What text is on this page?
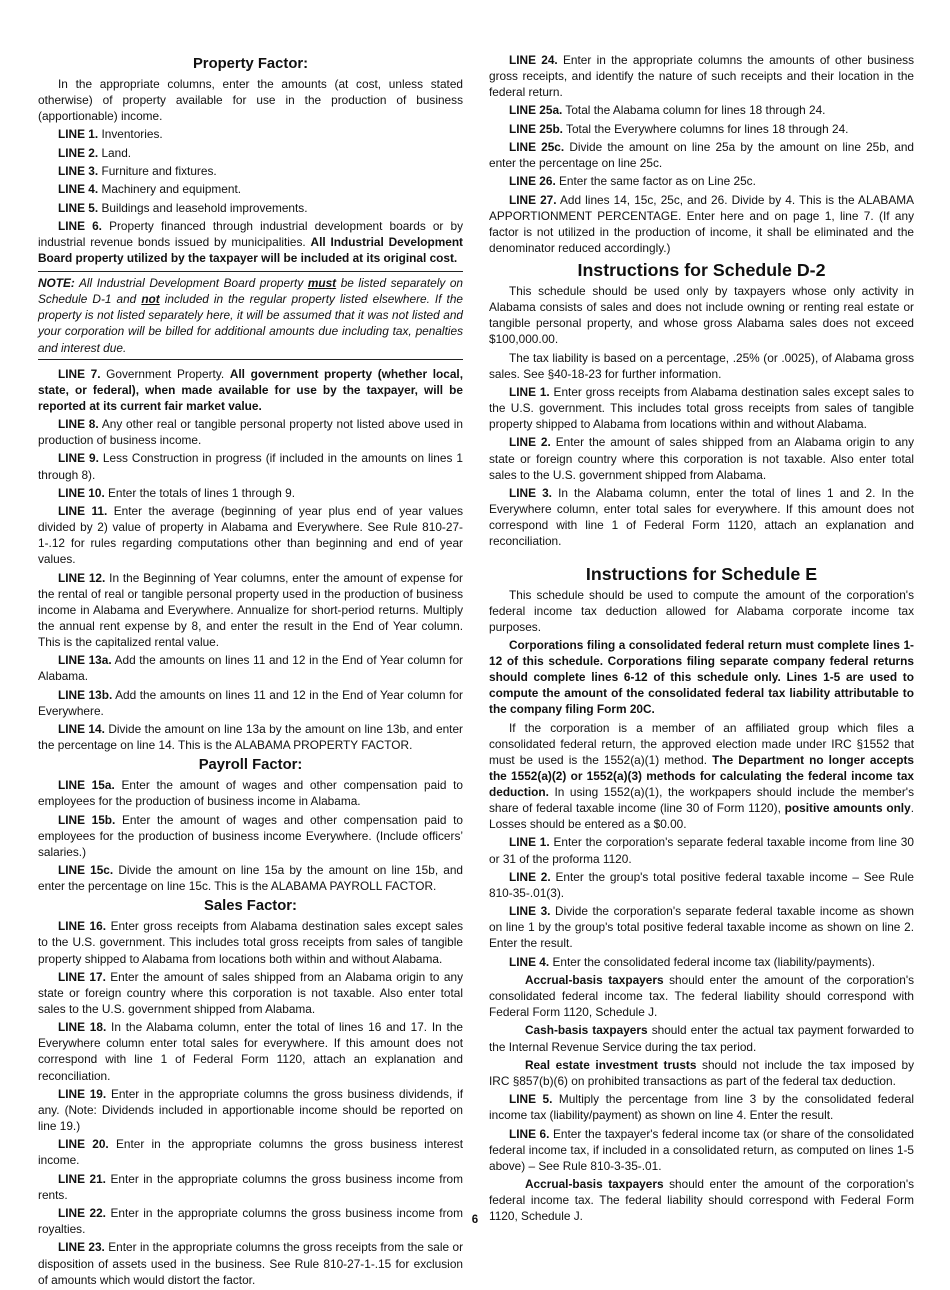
Property Factor:

In the appropriate columns, enter the amounts (at cost, unless stated otherwise) of property available for use in the production of business (apportionable) income.

LINE 1. Inventories.

LINE 2. Land.

LINE 3. Furniture and fixtures.

LINE 4. Machinery and equipment.

LINE 5. Buildings and leasehold improvements.

LINE 6. Property financed through industrial development boards or by industrial revenue bonds issued by municipalities. All Industrial Development Board property utilized by the taxpayer will be included at its original cost.

NOTE: All Industrial Development Board property must be listed separately on Schedule D-1 and not included in the regular property listed elsewhere. If the property is not listed separately here, it will be assumed that it was not listed and your corporation will be billed for additional amounts due including tax, penalties and interest due.

LINE 7. Government Property. All government property (whether local, state, or federal), when made available for use by the taxpayer, will be reported at its current fair market value.

LINE 8. Any other real or tangible personal property not listed above used in production of business income.

LINE 9. Less Construction in progress (if included in the amounts on lines 1 through 8).

LINE 10. Enter the totals of lines 1 through 9.

LINE 11. Enter the average (beginning of year plus end of year values divided by 2) value of property in Alabama and Everywhere. See Rule 810-27-1-.12 for rules regarding computations other than beginning and end of year values.

LINE 12. In the Beginning of Year columns, enter the amount of expense for the rental of real or tangible personal property used in the production of business income in Alabama and Everywhere. Annualize for short-period returns. Multiply the annual rent expense by 8, and enter the result in the End of Year column. This is the capitalized rental value.

LINE 13a. Add the amounts on lines 11 and 12 in the End of Year column for Alabama.

LINE 13b. Add the amounts on lines 11 and 12 in the End of Year column for Everywhere.

LINE 14. Divide the amount on line 13a by the amount on line 13b, and enter the percentage on line 14. This is the ALABAMA PROPERTY FACTOR.

Payroll Factor:

LINE 15a. Enter the amount of wages and other compensation paid to employees for the production of business income in Alabama.

LINE 15b. Enter the amount of wages and other compensation paid to employees for the production of business income Everywhere. (Include officers’ salaries.)

LINE 15c. Divide the amount on line 15a by the amount on line 15b, and enter the percentage on line 15c. This is the ALABAMA PAYROLL FACTOR.

Sales Factor:

LINE 16. Enter gross receipts from Alabama destination sales except sales to the U.S. government. This includes total gross receipts from sales of tangible property shipped to Alabama from locations both within and without Alabama.

LINE 17. Enter the amount of sales shipped from an Alabama origin to any state or foreign country where this corporation is not taxable. Also enter total sales to the U.S. government shipped from Alabama.

LINE 18. In the Alabama column, enter the total of lines 16 and 17. In the Everywhere column enter total sales for everywhere. If this amount does not correspond with line 1 of Federal Form 1120, attach an explanation and reconciliation.

LINE 19. Enter in the appropriate columns the gross business dividends, if any. (Note: Dividends included in apportionable income should be reported on line 19.)

LINE 20. Enter in the appropriate columns the gross business interest income.

LINE 21. Enter in the appropriate columns the gross business income from rents.

LINE 22. Enter in the appropriate columns the gross business income from royalties.

LINE 23. Enter in the appropriate columns the gross receipts from the sale or disposition of assets used in the business. See Rule 810-27-1-.15 for exclusion of amounts which would distort the factor.

LINE 24. Enter in the appropriate columns the amounts of other business gross receipts, and identify the nature of such receipts and their location in the federal return.

LINE 25a. Total the Alabama column for lines 18 through 24.

LINE 25b. Total the Everywhere columns for lines 18 through 24.

LINE 25c. Divide the amount on line 25a by the amount on line 25b, and enter the percentage on line 25c.

LINE 26. Enter the same factor as on Line 25c.

LINE 27. Add lines 14, 15c, 25c, and 26. Divide by 4. This is the ALABAMA APPORTIONMENT PERCENTAGE. Enter here and on page 1, line 7. (If any factor is not utilized in the production of income, it shall be eliminated and the denominator reduced accordingly.)

Instructions for Schedule D-2

This schedule should be used only by taxpayers whose only activity in Alabama consists of sales and does not include owning or renting real estate or tangible personal property, and whose gross Alabama sales does not exceed $100,000.00.

The tax liability is based on a percentage, .25% (or .0025), of Alabama gross sales. See §40-18-23 for further information.

LINE 1. Enter gross receipts from Alabama destination sales except sales to the U.S. government. This includes total gross receipts from sales of tangible property shipped to Alabama from locations within and without Alabama.

LINE 2. Enter the amount of sales shipped from an Alabama origin to any state or foreign country where this corporation is not taxable. Also enter total sales to the U.S. government shipped from Alabama.

LINE 3. In the Alabama column, enter the total of lines 1 and 2. In the Everywhere column, enter total sales for everywhere. If this amount does not correspond with line 1 of Federal Form 1120, attach an explanation and reconciliation.

Instructions for Schedule E

This schedule should be used to compute the amount of the corporation's federal income tax deduction allowed for Alabama corporate income tax purposes.

Corporations filing a consolidated federal return must complete lines 1-12 of this schedule. Corporations filing separate company federal returns should complete lines 6-12 of this schedule only. Lines 1-5 are used to compute the amount of the consolidated federal tax liability attributable to the company filing Form 20C.

If the corporation is a member of an affiliated group which files a consolidated federal return, the approved election made under IRC §1552 that must be used is the 1552(a)(1) method. The Department no longer accepts the 1552(a)(2) or 1552(a)(3) methods for calculating the federal income tax deduction. In using 1552(a)(1), the workpapers should include the member's share of federal taxable income (line 30 of Form 1120), positive amounts only. Losses should be entered as a $0.00.

LINE 1. Enter the corporation's separate federal taxable income from line 30 or 31 of the proforma 1120.

LINE 2. Enter the group's total positive federal taxable income – See Rule 810-35-.01(3).

LINE 3. Divide the corporation's separate federal taxable income as shown on line 1 by the group's total positive federal taxable income as shown on line 2. Enter the result.

LINE 4. Enter the consolidated federal income tax (liability/payments).

Accrual-basis taxpayers should enter the amount of the corporation's consolidated federal income tax. The federal liability should correspond with Federal Form 1120, Schedule J.

Cash-basis taxpayers should enter the actual tax payment forwarded to the Internal Revenue Service during the tax period.

Real estate investment trusts should not include the tax imposed by IRC §857(b)(6) on prohibited transactions as part of the federal tax deduction.

LINE 5. Multiply the percentage from line 3 by the consolidated federal income tax (liability/payment) as shown on line 4. Enter the result.

LINE 6. Enter the taxpayer's federal income tax (or share of the consolidated federal income tax, if included in a consolidated return, as computed on lines 1-5 above) – See Rule 810-3-35-.01.

Accrual-basis taxpayers should enter the amount of the corporation's federal income tax. The federal liability should correspond with Federal Form 1120, Schedule J.

6
